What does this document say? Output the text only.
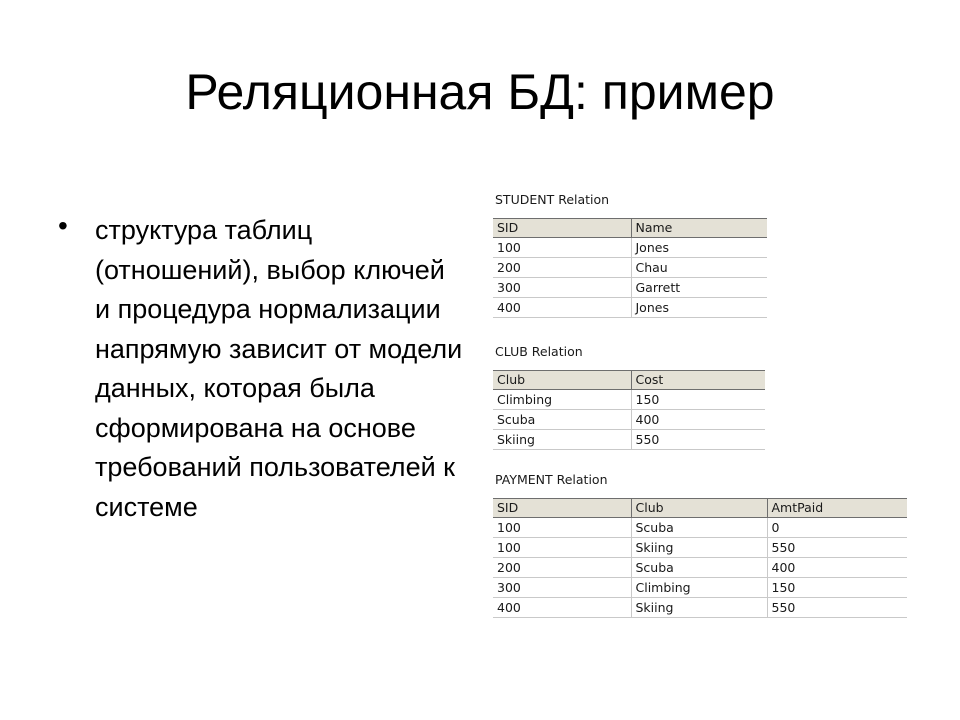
Реляционная БД: пример
• структура таблиц (отношений), выбор ключей и процедура нормализации напрямую зависит от модели данных, которая была сформирована на основе требований пользователей к системе
STUDENT Relation
SID	Name
100	Jones
200	Chau
300	Garrett
400	Jones
CLUB Relation
Club	Cost
Climbing	150
Scuba	400
Skiing	550
PAYMENT Relation
SID	Club	AmtPaid
100	Scuba	0
100	Skiing	550
200	Scuba	400
300	Climbing	150
400	Skiing	550
